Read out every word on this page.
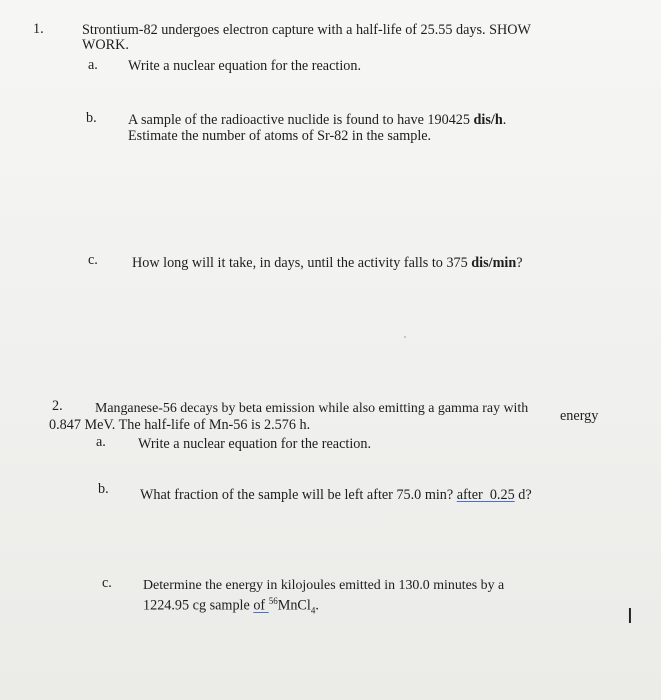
1.	Strontium-82 undergoes electron capture with a half-life of 25.55 days. SHOW
WORK.
a. Write a nuclear equation for the reaction.
b. A sample of the radioactive nuclide is found to have 190425 dis/h.
Estimate the number of atoms of Sr-82 in the sample.
c. How long will it take, in days, until the activity falls to 375 dis/min?
2. Manganese-56 decays by beta emission while also emitting a gamma ray with energy
0.847 MeV. The half-life of Mn-56 is 2.576 h.
a. Write a nuclear equation for the reaction.
b. What fraction of the sample will be left after 75.0 min? after  0.25 d?
c. Determine the energy in kilojoules emitted in 130.0 minutes by a
1224.95 cg sample of $^{56}$MnCl$_4$.	I
